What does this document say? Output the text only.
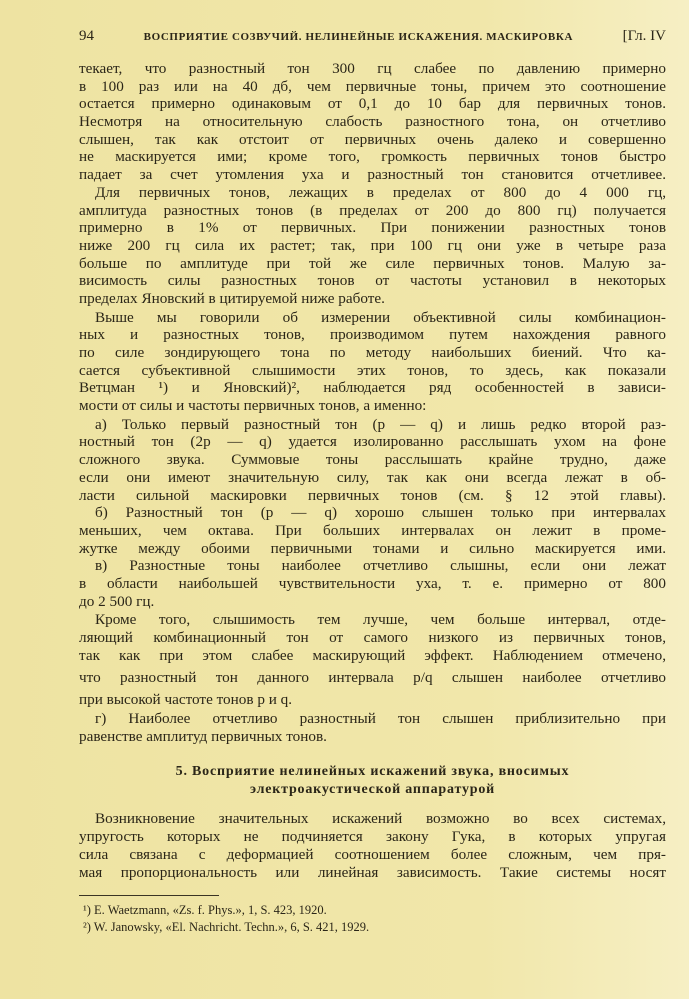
94	ВОСПРИЯТИЕ СОЗВУЧИЙ. НЕЛИНЕЙНЫЕ ИСКАЖЕНИЯ. МАСКИРОВКА	[Гл. IV
текает, что разностный тон 300 гц слабее по давлению примерно
в 100 раз или на 40 дб, чем первичные тоны, причем это соотношение
остается примерно одинаковым от 0,1 до 10 бар для первичных тонов.
Несмотря на относительную слабость разностного тона, он отчетливо
слышен, так как отстоит от первичных очень далеко и совершенно
не маскируется ими; кроме того, громкость первичных тонов быстро
падает за счет утомления уха и разностный тон становится отчетливее.
Для первичных тонов, лежащих в пределах от 800 до 4 000 гц,
амплитуда разностных тонов (в пределах от 200 до 800 гц) получается
примерно в 1% от первичных. При понижении разностных тонов
ниже 200 гц сила их растет; так, при 100 гц они уже в четыре раза
больше по амплитуде при той же силе первичных тонов. Малую за-
висимость силы разностных тонов от частоты установил в некоторых
пределах Яновский в цитируемой ниже работе.
Выше мы говорили об измерении объективной силы комбинацион-
ных и разностных тонов, производимом путем нахождения равного
по силе зондирующего тона по методу наибольших биений. Что ка-
сается субъективной слышимости этих тонов, то здесь, как показали
Ветцман ¹) и Яновский)², наблюдается ряд особенностей в зависи-
мости от силы и частоты первичных тонов, а именно:
а) Только первый разностный тон (p — q) и лишь редко второй раз-
ностный тон (2p — q) удается изолированно расслышать ухом на фоне
сложного звука. Суммовые тоны расслышать крайне трудно, даже
если они имеют значительную силу, так как они всегда лежат в об-
ласти сильной маскировки первичных тонов (см. § 12 этой главы).
б) Разностный тон (p — q) хорошо слышен только при интервалах
меньших, чем октава. При больших интервалах он лежит в проме-
жутке между обоими первичными тонами и сильно маскируется ими.
в) Разностные тоны наиболее отчетливо слышны, если они лежат
в области наибольшей чувствительности уха, т. е. примерно от 800
до 2 500 гц.
Кроме того, слышимость тем лучше, чем больше интервал, отде-
ляющий комбинационный тон от самого низкого из первичных тонов,
так как при этом слабее маскирующий эффект. Наблюдением отмечено,
что разностный тон данного интервала p/q слышен наиболее отчетливо
при высокой частоте тонов p и q.
г) Наиболее отчетливо разностный тон слышен приблизительно при
равенстве амплитуд первичных тонов.
5. Восприятие нелинейных искажений звука, вносимых
электроакустической аппаратурой
Возникновение значительных искажений возможно во всех системах,
упругость которых не подчиняется закону Гука, в которых упругая
сила связана с деформацией соотношением более сложным, чем пря-
мая пропорциональность или линейная зависимость. Такие системы носят
¹) E. Waetzmann, «Zs. f. Phys.», 1, S. 423, 1920.
²) W. Janowsky, «El. Nachricht. Techn.», 6, S. 421, 1929.
